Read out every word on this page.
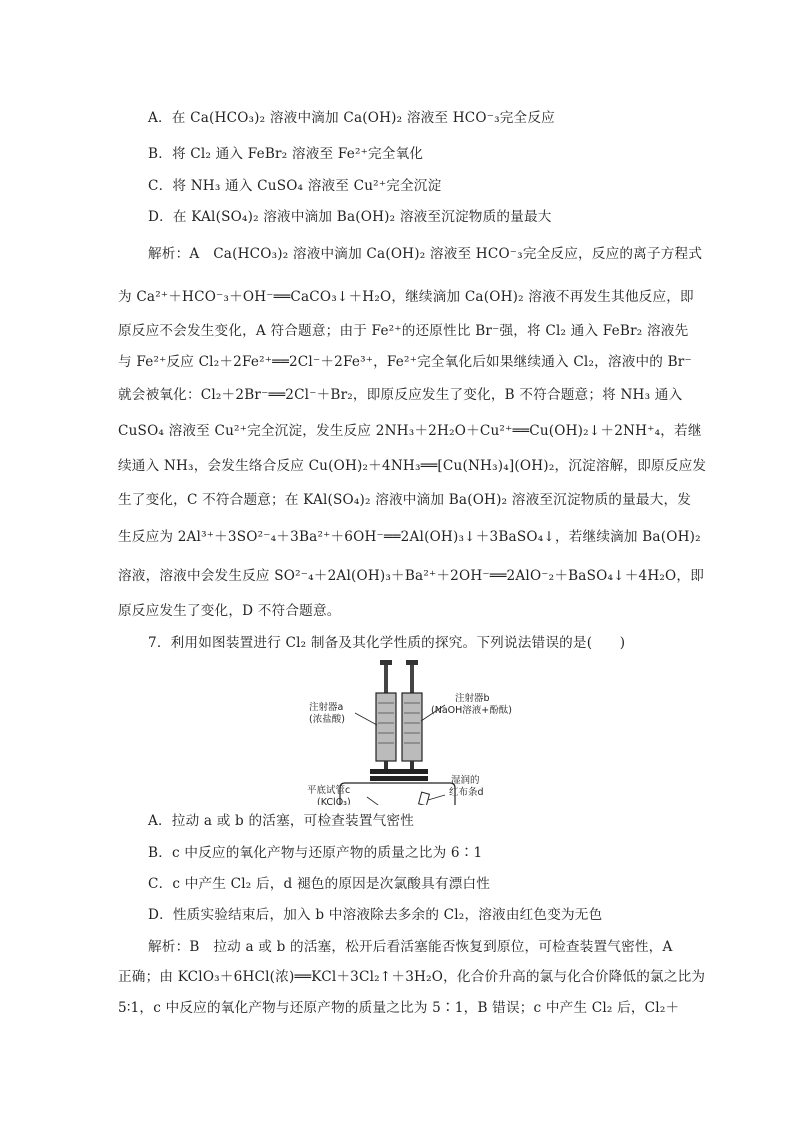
A．在 Ca(HCO₃)₂ 溶液中滴加 Ca(OH)₂ 溶液至 HCO⁻₃完全反应
B．将 Cl₂ 通入 FeBr₂ 溶液至 Fe²⁺完全氧化
C．将 NH₃ 通入 CuSO₄ 溶液至 Cu²⁺完全沉淀
D．在 KAl(SO₄)₂ 溶液中滴加 Ba(OH)₂ 溶液至沉淀物质的量最大
解析：A　Ca(HCO₃)₂ 溶液中滴加 Ca(OH)₂ 溶液至 HCO⁻₃完全反应，反应的离子方程式
为 Ca²⁺＋HCO⁻₃＋OH⁻══CaCO₃↓＋H₂O，继续滴加 Ca(OH)₂ 溶液不再发生其他反应，即
原反应不会发生变化，A 符合题意；由于 Fe²⁺的还原性比 Br⁻强，将 Cl₂ 通入 FeBr₂ 溶液先
与 Fe²⁺反应 Cl₂＋2Fe²⁺══2Cl⁻＋2Fe³⁺，Fe²⁺完全氧化后如果继续通入 Cl₂，溶液中的 Br⁻
就会被氧化：Cl₂＋2Br⁻══2Cl⁻＋Br₂，即原反应发生了变化，B 不符合题意；将 NH₃ 通入
CuSO₄ 溶液至 Cu²⁺完全沉淀，发生反应 2NH₃＋2H₂O＋Cu²⁺══Cu(OH)₂↓＋2NH⁺₄，若继
续通入 NH₃，会发生络合反应 Cu(OH)₂＋4NH₃══[Cu(NH₃)₄](OH)₂，沉淀溶解，即原反应发
生了变化，C 不符合题意；在 KAl(SO₄)₂ 溶液中滴加 Ba(OH)₂ 溶液至沉淀物质的量最大，发
生反应为 2Al³⁺＋3SO²⁻₄＋3Ba²⁺＋6OH⁻══2Al(OH)₃↓＋3BaSO₄↓，若继续滴加 Ba(OH)₂
溶液，溶液中会发生反应 SO²⁻₄＋2Al(OH)₃＋Ba²⁺＋2OH⁻══2AlO⁻₂＋BaSO₄↓＋4H₂O，即
原反应发生了变化，D 不符合题意。
7．利用如图装置进行 Cl₂ 制备及其化学性质的探究。下列说法错误的是(　　)
注射器a
(浓盐酸)
注射器b
(NaOH溶液+酚酞)
平底试管c
(KClO₃)
湿润的
红布条d
A．拉动 a 或 b 的活塞，可检查装置气密性
B．c 中反应的氧化产物与还原产物的质量之比为 6∶1
C．c 中产生 Cl₂ 后，d 褪色的原因是次氯酸具有漂白性
D．性质实验结束后，加入 b 中溶液除去多余的 Cl₂，溶液由红色变为无色
解析：B　拉动 a 或 b 的活塞，松开后看活塞能否恢复到原位，可检查装置气密性，A
正确；由 KClO₃＋6HCl(浓)══KCl＋3Cl₂↑＋3H₂O，化合价升高的氯与化合价降低的氯之比为
5∶1，c 中反应的氧化产物与还原产物的质量之比为 5∶1，B 错误；c 中产生 Cl₂ 后，Cl₂＋
